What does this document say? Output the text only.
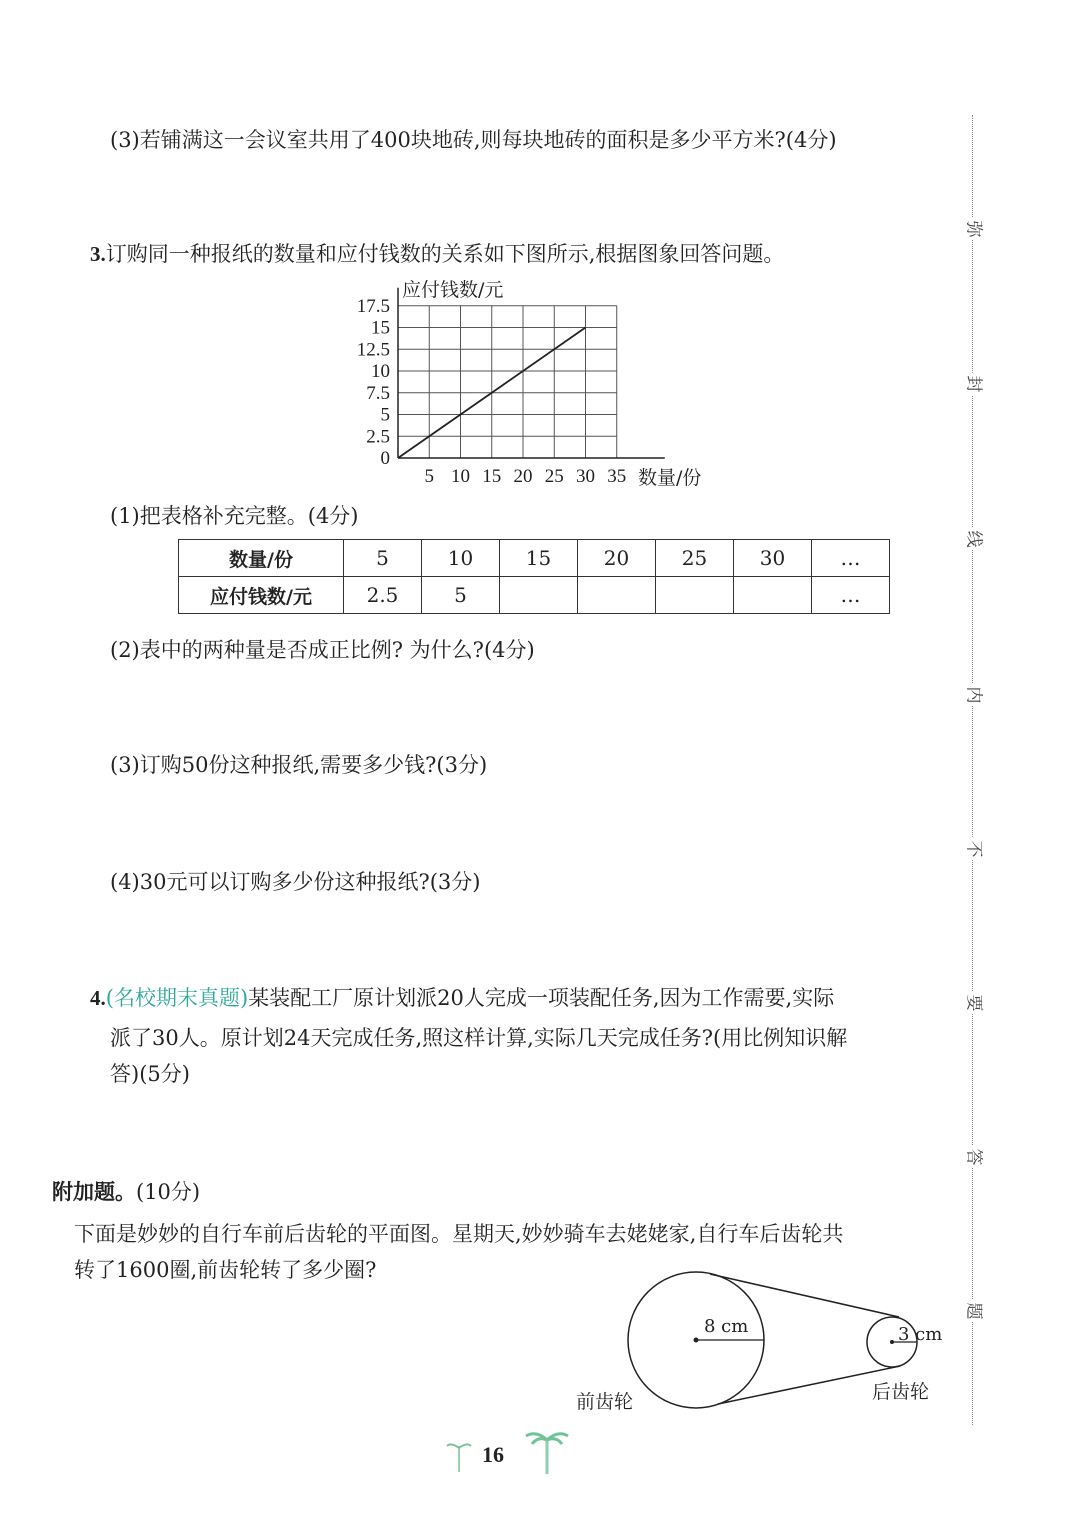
(3)若铺满这一会议室共用了400块地砖,则每块地砖的面积是多少平方米?(4分)
3.订购同一种报纸的数量和应付钱数的关系如下图所示,根据图象回答问题。
5 10 15 20 25 30 35
0
2.5
5
7.5
10
12.5
15
17.5
应付钱数/元
数量/份
(1)把表格补充完整。(4分)
数量/份	5	10	15	20	25	30	…
应付钱数/元	2.5	5					…
(2)表中的两种量是否成正比例? 为什么?(4分)
(3)订购50份这种报纸,需要多少钱?(3分)
(4)30元可以订购多少份这种报纸?(3分)
4.(名校期末真题)某装配工厂原计划派20人完成一项装配任务,因为工作需要,实际
派了30人。原计划24天完成任务,照这样计算,实际几天完成任务?(用比例知识解
答)(5分)
附加题。(10分)
下面是妙妙的自行车前后齿轮的平面图。星期天,妙妙骑车去姥姥家,自行车后齿轮共
转了1600圈,前齿轮转了多少圈?
8 cm	3 cm
前齿轮	后齿轮
弥
封
线
内
不
要
答
题
16
